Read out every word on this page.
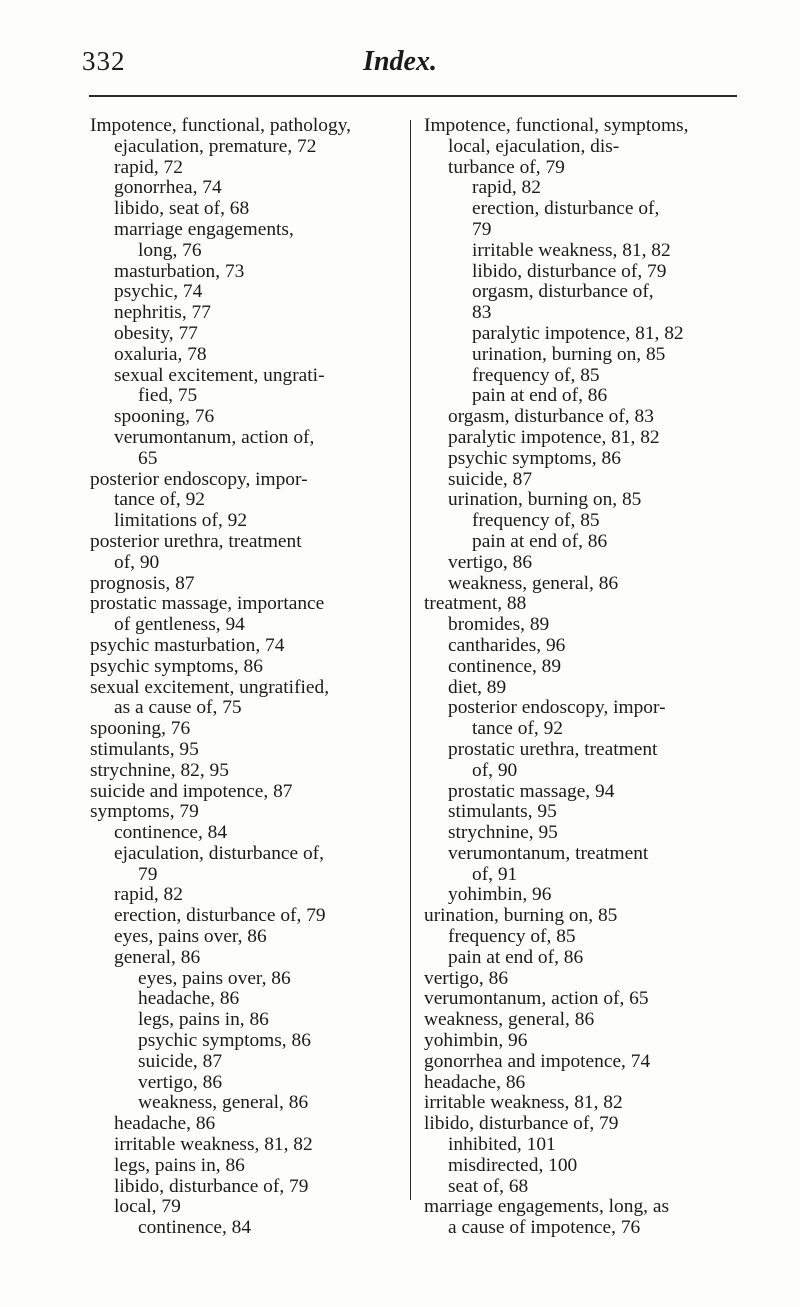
332	Index.
Impotence, functional, pathology,
ejaculation, premature, 72
rapid, 72
gonorrhea, 74
libido, seat of, 68
marriage engagements,
long, 76
masturbation, 73
psychic, 74
nephritis, 77
obesity, 77
oxaluria, 78
sexual excitement, ungrati-
fied, 75
spooning, 76
verumontanum, action of,
65
posterior endoscopy, impor-
tance of, 92
limitations of, 92
posterior urethra, treatment
of, 90
prognosis, 87
prostatic massage, importance
of gentleness, 94
psychic masturbation, 74
psychic symptoms, 86
sexual excitement, ungratified,
as a cause of, 75
spooning, 76
stimulants, 95
strychnine, 82, 95
suicide and impotence, 87
symptoms, 79
continence, 84
ejaculation, disturbance of,
79
rapid, 82
erection, disturbance of, 79
eyes, pains over, 86
general, 86
eyes, pains over, 86
headache, 86
legs, pains in, 86
psychic symptoms, 86
suicide, 87
vertigo, 86
weakness, general, 86
headache, 86
irritable weakness, 81, 82
legs, pains in, 86
libido, disturbance of, 79
local, 79
continence, 84
Impotence, functional, symptoms,
local, ejaculation, dis-
turbance of, 79
rapid, 82
erection, disturbance of,
79
irritable weakness, 81, 82
libido, disturbance of, 79
orgasm, disturbance of,
83
paralytic impotence, 81, 82
urination, burning on, 85
frequency of, 85
pain at end of, 86
orgasm, disturbance of, 83
paralytic impotence, 81, 82
psychic symptoms, 86
suicide, 87
urination, burning on, 85
frequency of, 85
pain at end of, 86
vertigo, 86
weakness, general, 86
treatment, 88
bromides, 89
cantharides, 96
continence, 89
diet, 89
posterior endoscopy, impor-
tance of, 92
prostatic urethra, treatment
of, 90
prostatic massage, 94
stimulants, 95
strychnine, 95
verumontanum, treatment
of, 91
yohimbin, 96
urination, burning on, 85
frequency of, 85
pain at end of, 86
vertigo, 86
verumontanum, action of, 65
weakness, general, 86
yohimbin, 96
gonorrhea and impotence, 74
headache, 86
irritable weakness, 81, 82
libido, disturbance of, 79
inhibited, 101
misdirected, 100
seat of, 68
marriage engagements, long, as
a cause of impotence, 76
